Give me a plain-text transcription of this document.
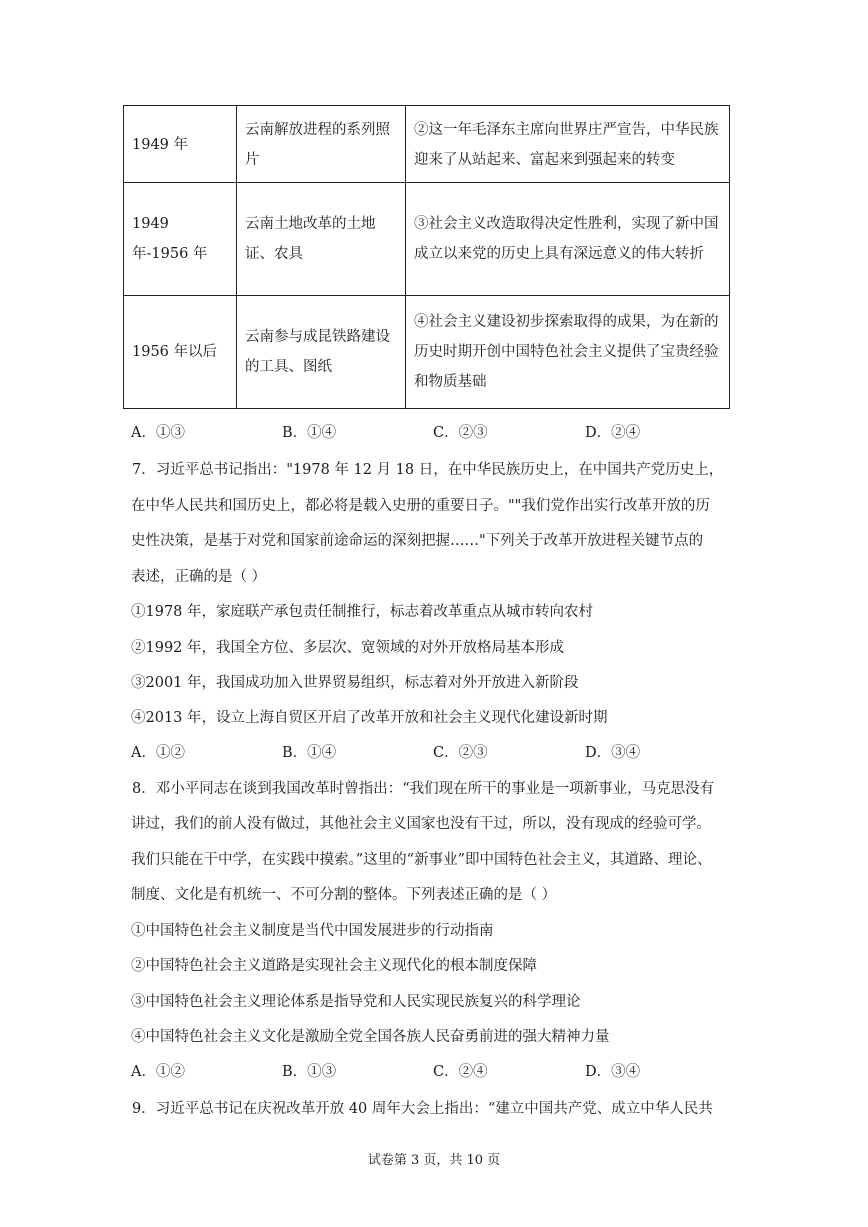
1949 年	云南解放进程的系列照片	②这一年毛泽东主席向世界庄严宣告，中华民族迎来了从站起来、富起来到强起来的转变
1949 年-1956 年	云南土地改革的土地证、农具	③社会主义改造取得决定性胜利，实现了新中国成立以来党的历史上具有深远意义的伟大转折
1956 年以后	云南参与成昆铁路建设的工具、图纸	④社会主义建设初步探索取得的成果，为在新的历史时期开创中国特色社会主义提供了宝贵经验和物质基础
A．①③	B．①④	C．②③	D．②④
7．习近平总书记指出："1978 年 12 月 18 日，在中华民族历史上，在中国共产党历史上，
在中华人民共和国历史上，都必将是载入史册的重要日子。""我们党作出实行改革开放的历
史性决策，是基于对党和国家前途命运的深刻把握……"下列关于改革开放进程关键节点的
表述，正确的是（ ）
①1978 年，家庭联产承包责任制推行，标志着改革重点从城市转向农村
②1992 年，我国全方位、多层次、宽领域的对外开放格局基本形成
③2001 年，我国成功加入世界贸易组织，标志着对外开放进入新阶段
④2013 年，设立上海自贸区开启了改革开放和社会主义现代化建设新时期
A．①②	B．①④	C．②③	D．③④
8．邓小平同志在谈到我国改革时曾指出：“我们现在所干的事业是一项新事业，马克思没有
讲过，我们的前人没有做过，其他社会主义国家也没有干过，所以，没有现成的经验可学。
我们只能在干中学，在实践中摸索。”这里的“新事业”即中国特色社会主义，其道路、理论、
制度、文化是有机统一、不可分割的整体。下列表述正确的是（ ）
①中国特色社会主义制度是当代中国发展进步的行动指南
②中国特色社会主义道路是实现社会主义现代化的根本制度保障
③中国特色社会主义理论体系是指导党和人民实现民族复兴的科学理论
④中国特色社会主义文化是激励全党全国各族人民奋勇前进的强大精神力量
A．①②	B．①③	C．②④	D．③④
9．习近平总书记在庆祝改革开放 40 周年大会上指出：“建立中国共产党、成立中华人民共
试卷第 3 页，共 10 页
